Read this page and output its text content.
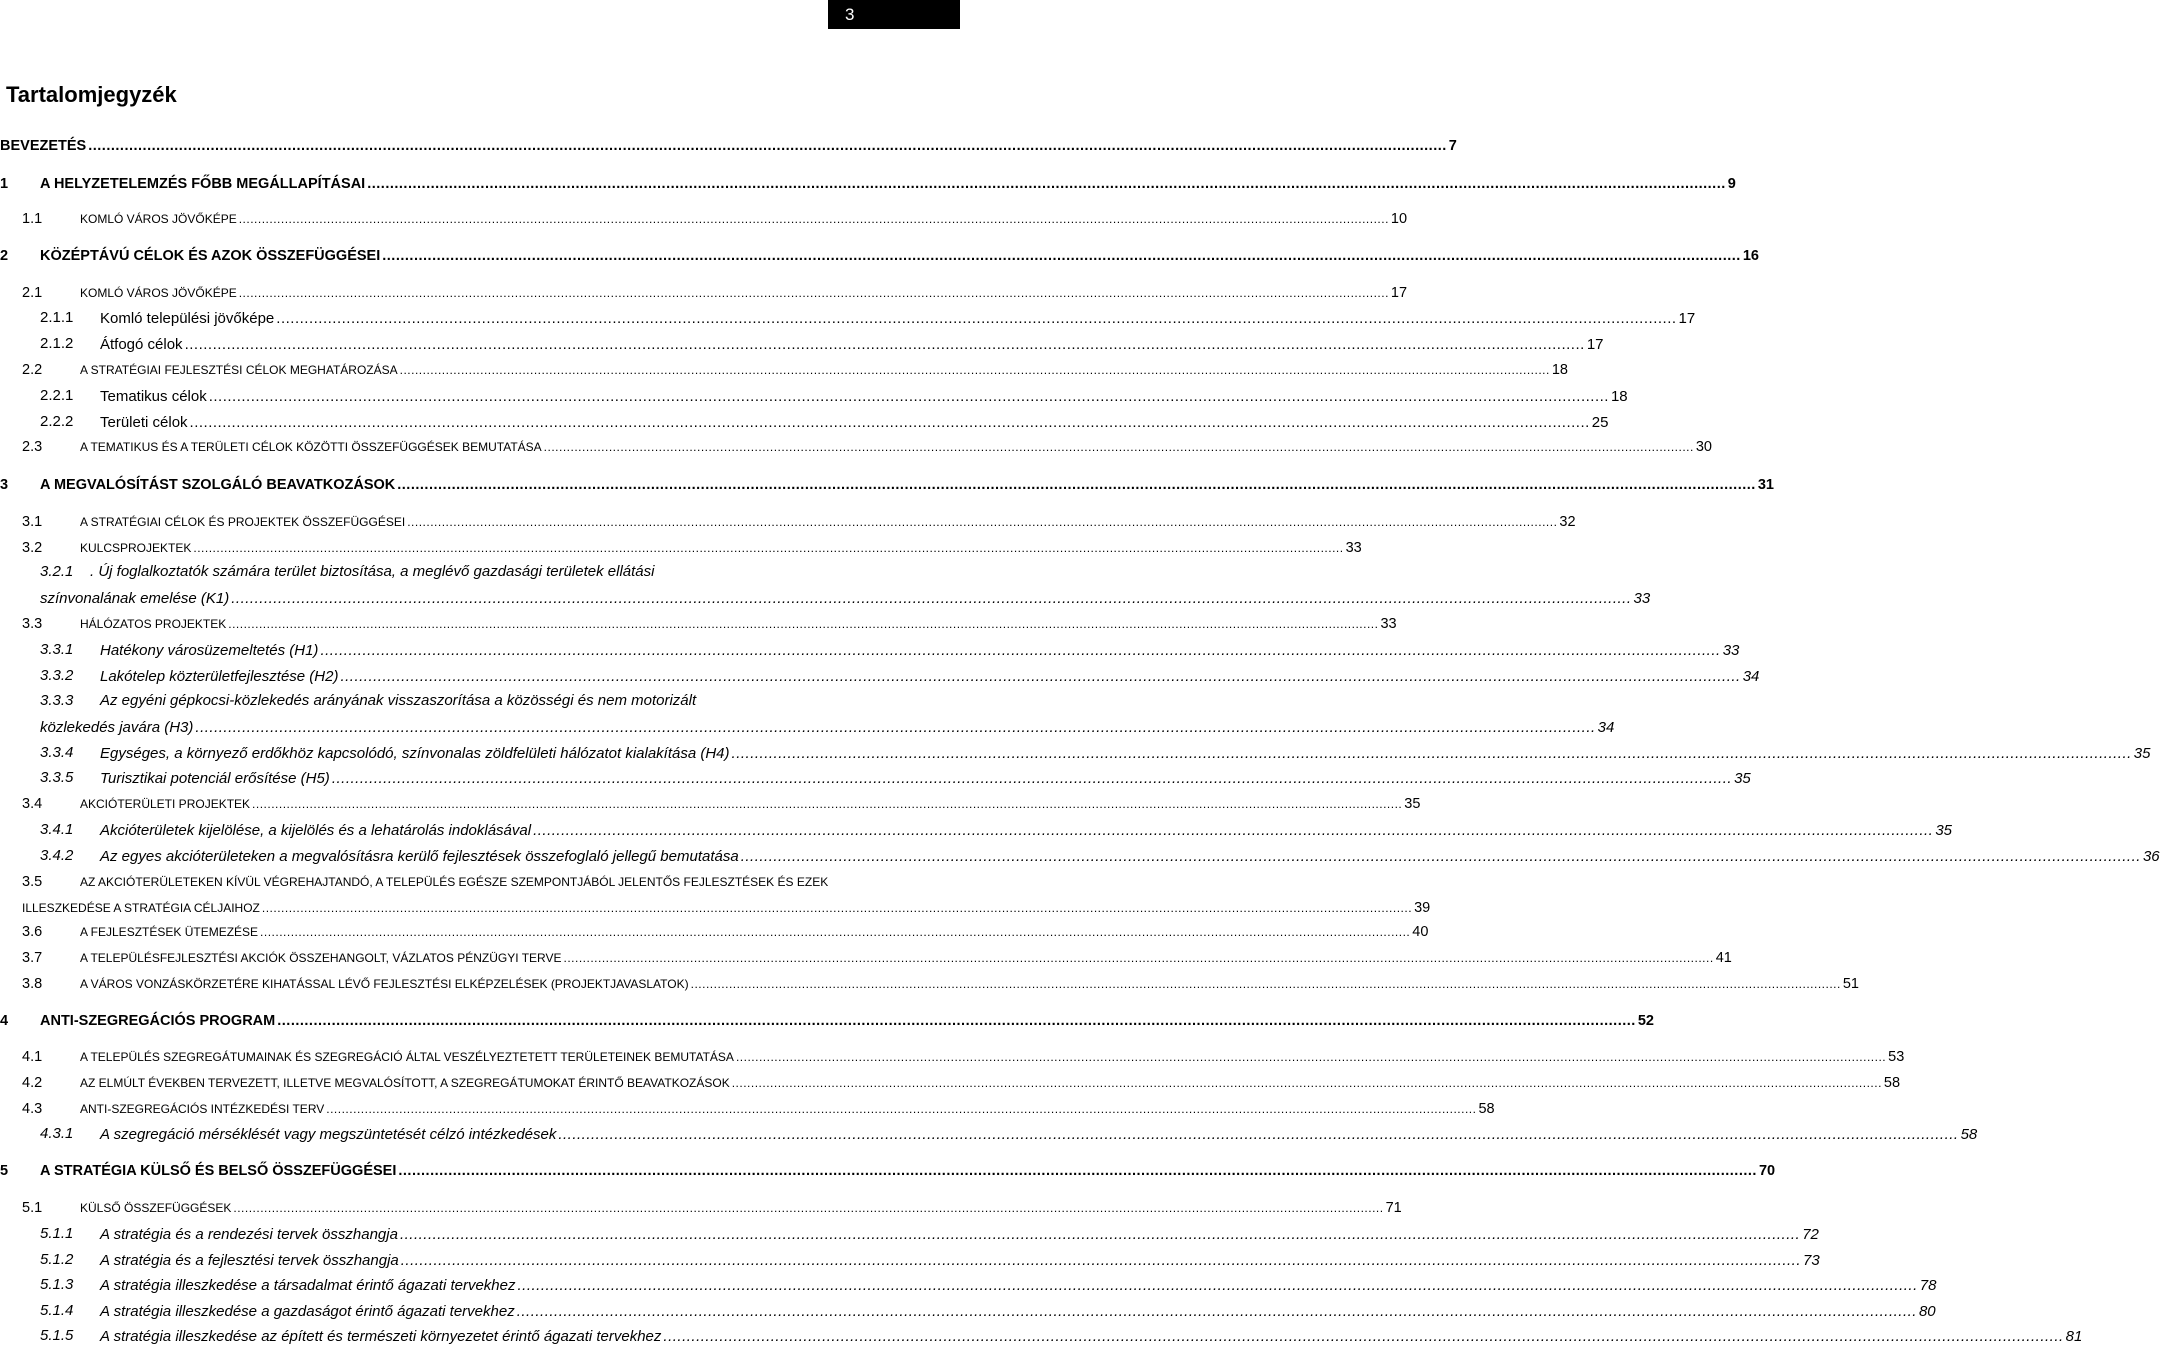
3
Tartalomjegyzék
BEVEZETÉS ............................................................................................................................................................................................................................................................................................................ 7
1 A HELYZETELEMZÉS FŐBB MEGÁLLAPÍTÁSAI ............................................................................................................................................................................................................................................................................................................ 9
1.1	KOMLÓ VÁROS JÖVŐKÉPE ............................................................................................................................................................................................................................................................................................................ 10
2 KÖZÉPTÁVÚ CÉLOK ÉS AZOK ÖSSZEFÜGGÉSEI ............................................................................................................................................................................................................................................................................................................ 16
2.1	KOMLÓ VÁROS JÖVŐKÉPE ............................................................................................................................................................................................................................................................................................................ 17
2.1.1 Komló települési jövőképe ............................................................................................................................................................................................................................................................................................................ 17
2.1.2 Átfogó célok ............................................................................................................................................................................................................................................................................................................ 17
2.2	A STRATÉGIAI FEJLESZTÉSI CÉLOK MEGHATÁROZÁSA ............................................................................................................................................................................................................................................................................................................ 18
2.2.1 Tematikus célok ............................................................................................................................................................................................................................................................................................................ 18
2.2.2 Területi célok ............................................................................................................................................................................................................................................................................................................ 25
2.3	A TEMATIKUS ÉS A TERÜLETI CÉLOK KÖZÖTTI ÖSSZEFÜGGÉSEK BEMUTATÁSA ............................................................................................................................................................................................................................................................................................................ 30
3 A MEGVALÓSÍTÁST SZOLGÁLÓ BEAVATKOZÁSOK ............................................................................................................................................................................................................................................................................................................ 31
3.1	A STRATÉGIAI CÉLOK ÉS PROJEKTEK ÖSSZEFÜGGÉSEI ............................................................................................................................................................................................................................................................................................................ 32
3.2	KULCSPROJEKTEK ............................................................................................................................................................................................................................................................................................................ 33
3.2.1 . Új foglalkoztatók számára terület biztosítása, a meglévő gazdasági területek ellátási
színvonalának emelése (K1) ............................................................................................................................................................................................................................................................................................................ 33
3.3	HÁLÓZATOS PROJEKTEK ............................................................................................................................................................................................................................................................................................................ 33
3.3.1 Hatékony városüzemeltetés (H1) ............................................................................................................................................................................................................................................................................................................ 33
3.3.2 Lakótelep közterületfejlesztése (H2) ............................................................................................................................................................................................................................................................................................................ 34
3.3.3 Az egyéni gépkocsi-közlekedés arányának visszaszorítása a közösségi és nem motorizált
közlekedés javára (H3) ............................................................................................................................................................................................................................................................................................................ 34
3.3.4 Egységes, a környező erdőkhöz kapcsolódó, színvonalas zöldfelületi hálózatot kialakítása (H4) ............................................................................................................................................................................................................................................................................................................ 35
3.3.5 Turisztikai potenciál erősítése (H5) ............................................................................................................................................................................................................................................................................................................ 35
3.4	AKCIÓTERÜLETI PROJEKTEK ............................................................................................................................................................................................................................................................................................................ 35
3.4.1 Akcióterületek kijelölése, a kijelölés és a lehatárolás indoklásával ............................................................................................................................................................................................................................................................................................................ 35
3.4.2 Az egyes akcióterületeken a megvalósításra kerülő fejlesztések összefoglaló jellegű bemutatása ............................................................................................................................................................................................................................................................................................................ 36
3.5	AZ AKCIÓTERÜLETEKEN KÍVÜL VÉGREHAJTANDÓ, A TELEPÜLÉS EGÉSZE SZEMPONTJÁBÓL JELENTŐS FEJLESZTÉSEK ÉS EZEK
ILLESZKEDÉSE A STRATÉGIA CÉLJAIHOZ ............................................................................................................................................................................................................................................................................................................ 39
3.6	A FEJLESZTÉSEK ÜTEMEZÉSE ............................................................................................................................................................................................................................................................................................................ 40
3.7	A TELEPÜLÉSFEJLESZTÉSI AKCIÓK ÖSSZEHANGOLT, VÁZLATOS PÉNZÜGYI TERVE ............................................................................................................................................................................................................................................................................................................ 41
3.8	A VÁROS VONZÁSKÖRZETÉRE KIHATÁSSAL LÉVŐ FEJLESZTÉSI ELKÉPZELÉSEK (PROJEKTJAVASLATOK) ............................................................................................................................................................................................................................................................................................................ 51
4 ANTI-SZEGREGÁCIÓS PROGRAM ............................................................................................................................................................................................................................................................................................................ 52
4.1	A TELEPÜLÉS SZEGREGÁTUMAINAK ÉS SZEGREGÁCIÓ ÁLTAL VESZÉLYEZTETETT TERÜLETEINEK BEMUTATÁSA ............................................................................................................................................................................................................................................................................................................ 53
4.2	AZ ELMÚLT ÉVEKBEN TERVEZETT, ILLETVE MEGVALÓSÍTOTT, A SZEGREGÁTUMOKAT ÉRINTŐ BEAVATKOZÁSOK ............................................................................................................................................................................................................................................................................................................ 58
4.3	ANTI-SZEGREGÁCIÓS INTÉZKEDÉSI TERV ............................................................................................................................................................................................................................................................................................................ 58
4.3.1 A szegregáció mérséklését vagy megszüntetését célzó intézkedések ............................................................................................................................................................................................................................................................................................................ 58
5 A STRATÉGIA KÜLSŐ ÉS BELSŐ ÖSSZEFÜGGÉSEI ............................................................................................................................................................................................................................................................................................................ 70
5.1	KÜLSŐ ÖSSZEFÜGGÉSEK ............................................................................................................................................................................................................................................................................................................ 71
5.1.1 A stratégia és a rendezési tervek összhangja ............................................................................................................................................................................................................................................................................................................ 72
5.1.2 A stratégia és a fejlesztési tervek összhangja ............................................................................................................................................................................................................................................................................................................ 73
5.1.3 A stratégia illeszkedése a társadalmat érintő ágazati tervekhez ............................................................................................................................................................................................................................................................................................................ 78
5.1.4 A stratégia illeszkedése a gazdaságot érintő ágazati tervekhez ............................................................................................................................................................................................................................................................................................................ 80
5.1.5 A stratégia illeszkedése az épített és természeti környezetet érintő ágazati tervekhez ............................................................................................................................................................................................................................................................................................................ 81
